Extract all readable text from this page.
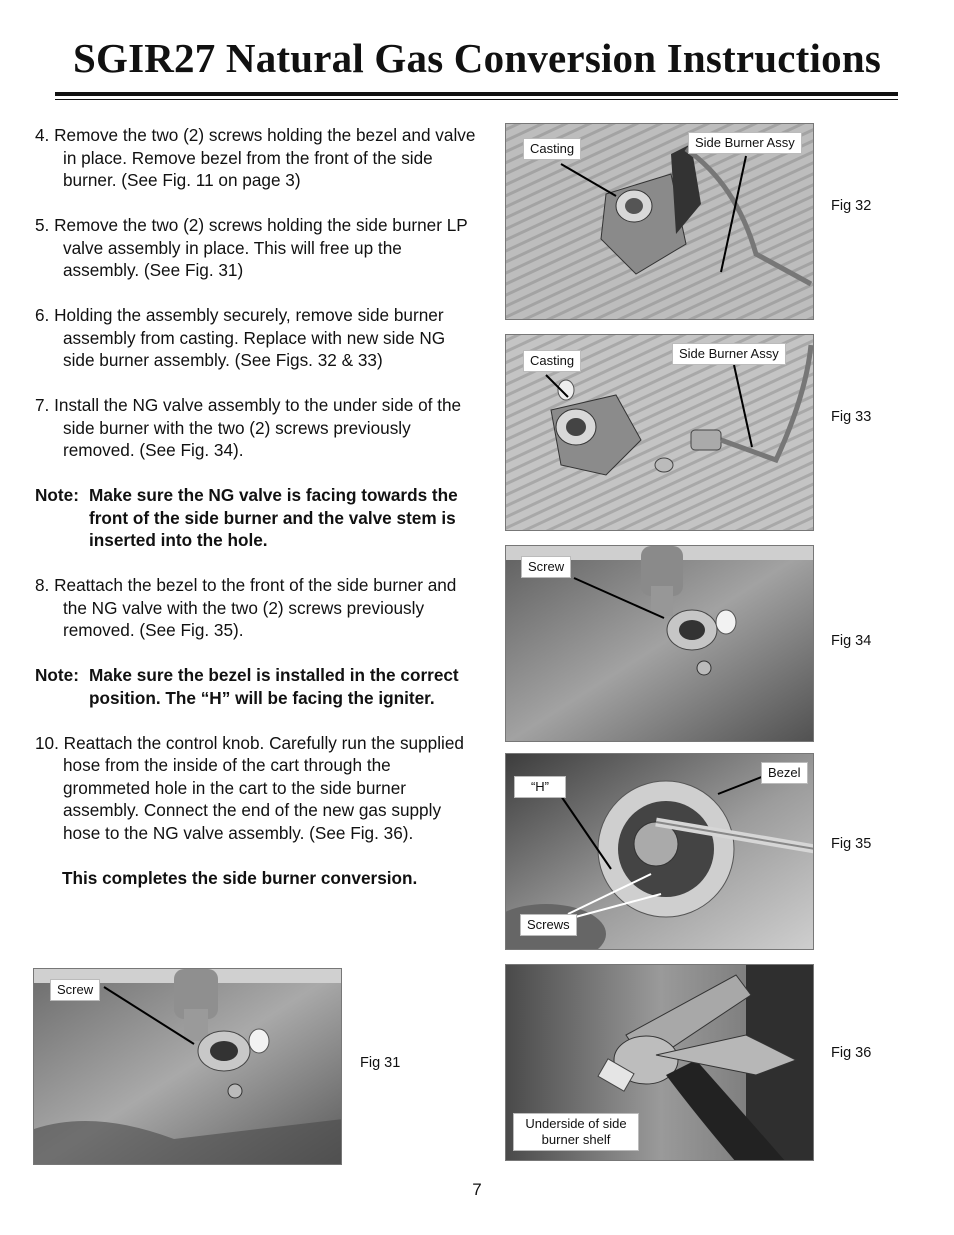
SGIR27 Natural Gas Conversion Instructions

4. Remove the two (2) screws holding the bezel and valve in place. Remove bezel from the front of the side burner. (See Fig. 11 on page 3)

5. Remove the two (2) screws holding the side burner LP valve assembly in place. This will free up the assembly. (See Fig. 31)

6. Holding the assembly securely, remove side burner assembly from casting. Replace with new side NG side burner assembly. (See Figs. 32 & 33)

7. Install the NG valve assembly to the under side of the side burner with the two (2) screws previously removed. (See Fig. 34).

Note: Make sure the NG valve is facing towards the front of the side burner and the valve stem is inserted into the hole.

8. Reattach the bezel to the front of the side burner and the NG valve with the two (2) screws previously removed. (See Fig. 35).

Note: Make sure the bezel is installed in the correct position. The “H” will be facing the igniter.

10. Reattach the control knob. Carefully run the supplied hose from the inside of the cart through the grommeted hole in the cart to the side burner assembly. Connect the end of the new gas supply hose to the NG valve assembly. (See Fig. 36).

This completes the side burner conversion.

Screw
Fig 31
Casting	Side Burner Assy
Fig 32
Casting	Side Burner Assy
Fig 33
Screw
Fig 34
“H”
Bezel
Screws
Fig 35
Underside of side burner shelf
Fig 36
7
